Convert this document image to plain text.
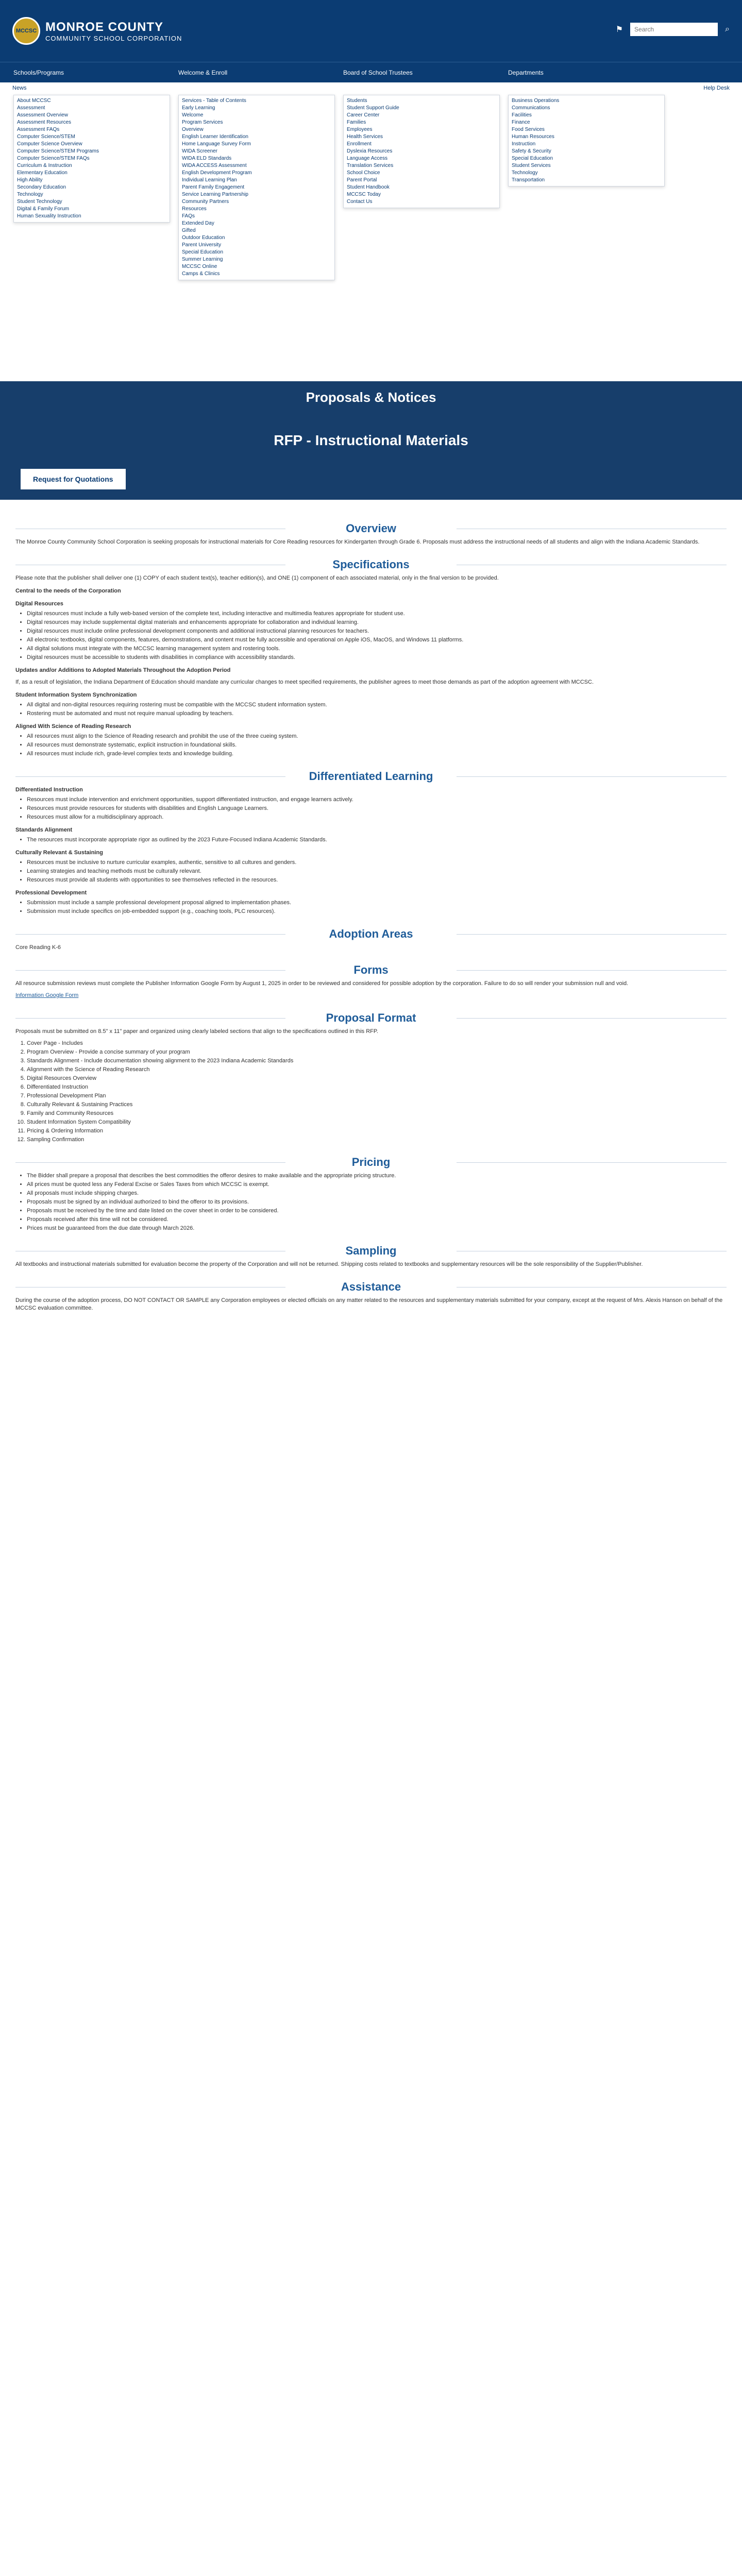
MCCSC MONROE COUNTY
COMMUNITY SCHOOL CORPORATION
⚑
Search	⌕
Schools/Programs	Welcome & Enroll	Board of School Trustees	Departments
News	Help Desk
About MCCSC
Assessment
Assessment Overview
Assessment Resources
Assessment FAQs
Computer Science/STEM
Computer Science Overview
Computer Science/STEM Programs
Computer Science/STEM FAQs
Curriculum & Instruction
Elementary Education
High Ability
Secondary Education
Technology
Student Technology
Digital & Family Forum
Human Sexuality Instruction
Services - Table of Contents
Early Learning
Welcome
Program Services
Overview
English Learner Identification
Home Language Survey Form
WIDA Screener
WIDA ELD Standards
WIDA ACCESS Assessment
English Development Program
Individual Learning Plan
Parent Family Engagement
Service Learning Partnership
Community Partners
Resources
FAQs
Extended Day
Gifted
Outdoor Education
Parent University
Special Education
Summer Learning
MCCSC Online
Camps & Clinics
Students
Student Support Guide
Career Center
Families
Employees
Health Services
Enrollment
Dyslexia Resources
Language Access
Translation Services
School Choice
Parent Portal
Student Handbook
MCCSC Today
Contact Us
Business Operations
Communications
Facilities
Finance
Food Services
Human Resources
Instruction
Safety & Security
Special Education
Student Services
Technology
Transportation
Proposals & Notices
RFP - Instructional Materials
Request for Quotations
Overview

The Monroe County Community School Corporation is seeking proposals for instructional materials for Core Reading resources for Kindergarten through Grade 6. Proposals must address the instructional needs of all students and align with the Indiana Academic Standards.

Specifications

Please note that the publisher shall deliver one (1) COPY of each student text(s), teacher edition(s), and ONE (1) component of each associated material, only in the final version to be provided.

Central to the needs of the Corporation
Digital Resources
• Digital resources must include a fully web-based version of the complete text, including interactive and multimedia features appropriate for student use.
• Digital resources may include supplemental digital materials and enhancements appropriate for collaboration and individual learning.
• Digital resources must include online professional development components and additional instructional planning resources for teachers.
• All electronic textbooks, digital components, features, demonstrations, and content must be fully accessible and operational on Apple iOS, MacOS, and Windows 11 platforms.
• All digital solutions must integrate with the MCCSC learning management system and rostering tools.
• Digital resources must be accessible to students with disabilities in compliance with accessibility standards.
Updates and/or Additions to Adopted Materials Throughout the Adoption Period

If, as a result of legislation, the Indiana Department of Education should mandate any curricular changes to meet specified requirements, the publisher agrees to meet those demands as part of the adoption agreement with MCCSC.

Student Information System Synchronization
• All digital and non-digital resources requiring rostering must be compatible with the MCCSC student information system.
• Rostering must be automated and must not require manual uploading by teachers.
Aligned With Science of Reading Research
• All resources must align to the Science of Reading research and prohibit the use of the three cueing system.
• All resources must demonstrate systematic, explicit instruction in foundational skills.
• All resources must include rich, grade-level complex texts and knowledge building.
Differentiated Learning
Differentiated Instruction
• Resources must include intervention and enrichment opportunities, support differentiated instruction, and engage learners actively.
• Resources must provide resources for students with disabilities and English Language Learners.
• Resources must allow for a multidisciplinary approach.
Standards Alignment
• The resources must incorporate appropriate rigor as outlined by the 2023 Future-Focused Indiana Academic Standards.
Culturally Relevant & Sustaining
• Resources must be inclusive to nurture curricular examples, authentic, sensitive to all cultures and genders.
• Learning strategies and teaching methods must be culturally relevant.
• Resources must provide all students with opportunities to see themselves reflected in the resources.
Professional Development
• Submission must include a sample professional development proposal aligned to implementation phases.
• Submission must include specifics on job-embedded support (e.g., coaching tools, PLC resources).
Adoption Areas

Core Reading K-6

Forms

All resource submission reviews must complete the Publisher Information Google Form by August 1, 2025 in order to be reviewed and considered for possible adoption by the corporation. Failure to do so will render your submission null and void.

Information Google Form
Proposal Format

Proposals must be submitted on 8.5" x 11" paper and organized using clearly labeled sections that align to the specifications outlined in this RFP.

1. Cover Page - Includes
2. Program Overview - Provide a concise summary of your program
3. Standards Alignment - Include documentation showing alignment to the 2023 Indiana Academic Standards
4. Alignment with the Science of Reading Research
5. Digital Resources Overview
6. Differentiated Instruction
7. Professional Development Plan
8. Culturally Relevant & Sustaining Practices
9. Family and Community Resources
10. Student Information System Compatibility
11. Pricing & Ordering Information
12. Sampling Confirmation
Pricing
• The Bidder shall prepare a proposal that describes the best commodities the offeror desires to make available and the appropriate pricing structure.
• All prices must be quoted less any Federal Excise or Sales Taxes from which MCCSC is exempt.
• All proposals must include shipping charges.
• Proposals must be signed by an individual authorized to bind the offeror to its provisions.
• Proposals must be received by the time and date listed on the cover sheet in order to be considered.
• Proposals received after this time will not be considered.
• Prices must be guaranteed from the due date through March 2026.
Sampling

All textbooks and instructional materials submitted for evaluation become the property of the Corporation and will not be returned. Shipping costs related to textbooks and supplementary resources will be the sole responsibility of the Supplier/Publisher.

Assistance

During the course of the adoption process, DO NOT CONTACT OR SAMPLE any Corporation employees or elected officials on any matter related to the resources and supplementary materials submitted for your company, except at the request of Mrs. Alexis Hanson on behalf of the MCCSC evaluation committee.
